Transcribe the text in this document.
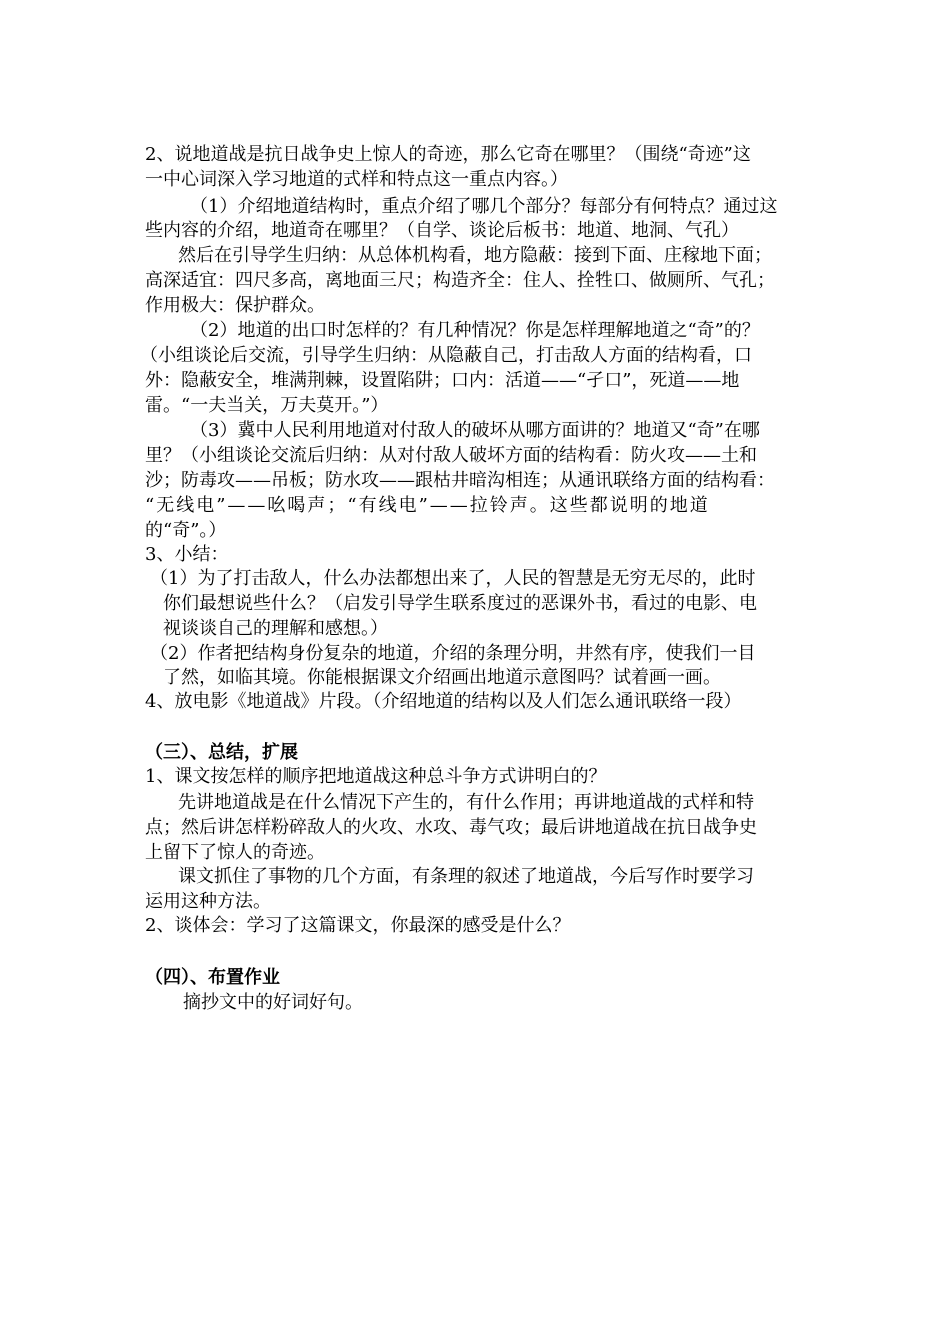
2、说地道战是抗日战争史上惊人的奇迹，那么它奇在哪里？（围绕“奇迹”这
一中心词深入学习地道的式样和特点这一重点内容。）
（1）介绍地道结构时，重点介绍了哪几个部分？每部分有何特点？通过这
些内容的介绍，地道奇在哪里？（自学、谈论后板书：地道、地洞、气孔）
然后在引导学生归纳：从总体机构看，地方隐蔽：接到下面、庄稼地下面；
高深适宜：四尺多高，离地面三尺；构造齐全：住人、拴牲口、做厕所、气孔；
作用极大：保护群众。
（2）地道的出口时怎样的？有几种情况？你是怎样理解地道之“奇”的？
（小组谈论后交流，引导学生归纳：从隐蔽自己，打击敌人方面的结构看，口
外：隐蔽安全，堆满荆棘，设置陷阱；口内：活道——“孑口”，死道——地
雷。“一夫当关，万夫莫开。”）
（3）冀中人民利用地道对付敌人的破坏从哪方面讲的？地道又“奇”在哪
里？（小组谈论交流后归纳：从对付敌人破坏方面的结构看：防火攻——土和
沙；防毒攻——吊板；防水攻——跟枯井暗沟相连；从通讯联络方面的结构看：
“无线电”——吆喝声；“有线电”——拉铃声。这些都说明的地道
的“奇”。）
3、小结：
（1）为了打击敌人，什么办法都想出来了，人民的智慧是无穷无尽的，此时
你们最想说些什么？（启发引导学生联系度过的恶课外书，看过的电影、电
视谈谈自己的理解和感想。）
（2）作者把结构身份复杂的地道，介绍的条理分明，井然有序，使我们一目
了然，如临其境。你能根据课文介绍画出地道示意图吗？试着画一画。
4、放电影《地道战》片段。（介绍地道的结构以及人们怎么通讯联络一段）
（三）、总结，扩展
1、课文按怎样的顺序把地道战这种总斗争方式讲明白的？
先讲地道战是在什么情况下产生的，有什么作用；再讲地道战的式样和特
点；然后讲怎样粉碎敌人的火攻、水攻、毒气攻；最后讲地道战在抗日战争史
上留下了惊人的奇迹。
课文抓住了事物的几个方面，有条理的叙述了地道战，今后写作时要学习
运用这种方法。
2、谈体会：学习了这篇课文，你最深的感受是什么？
（四）、布置作业
摘抄文中的好词好句。
